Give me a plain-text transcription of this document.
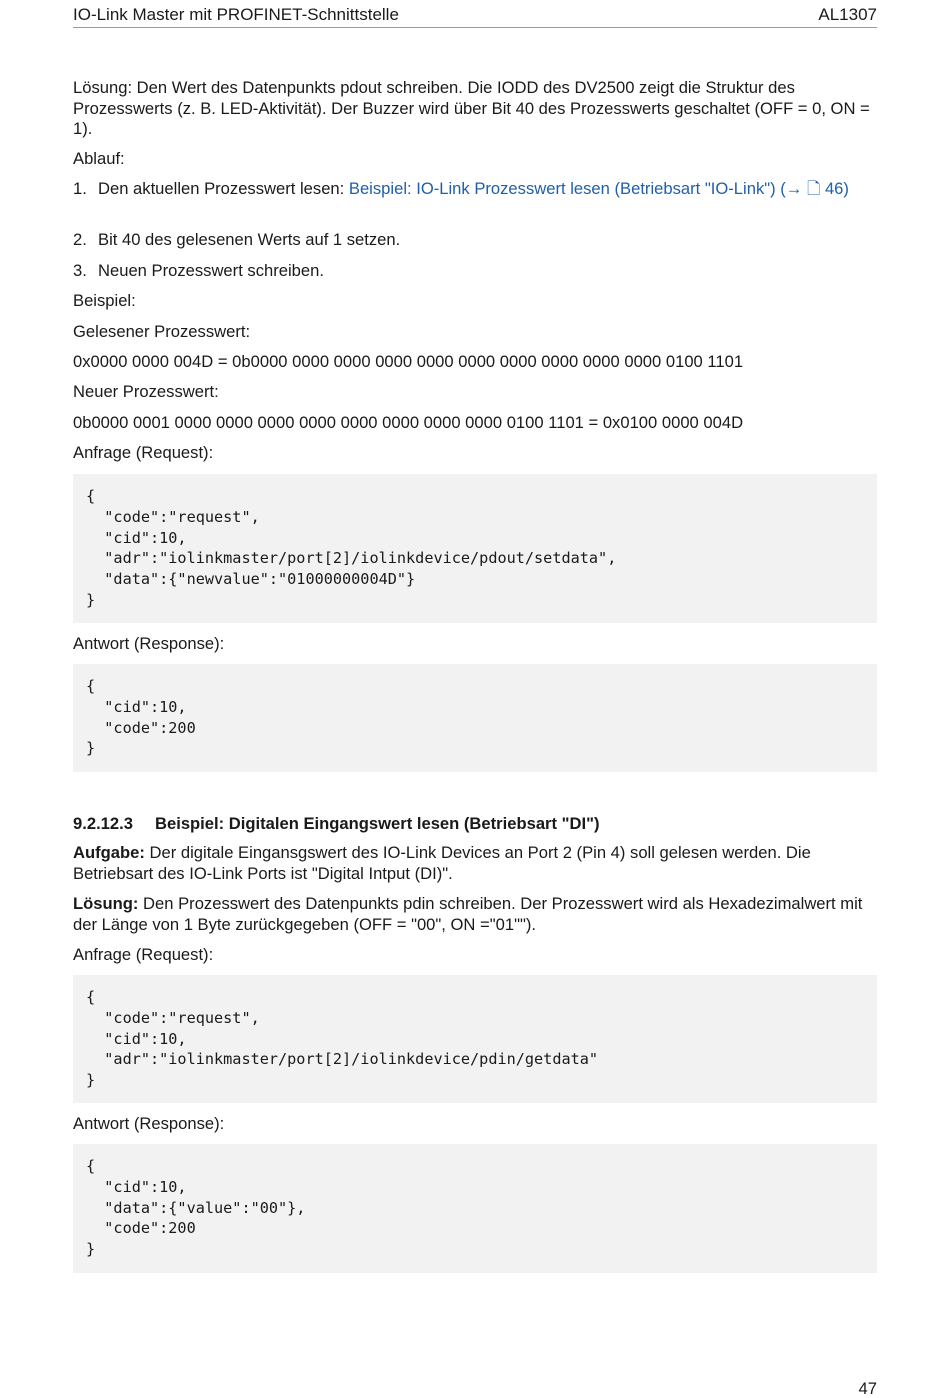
IO-Link Master mit PROFINET-Schnittstelle	AL1307

Lösung: Den Wert des Datenpunkts pdout schreiben. Die IODD des DV2500 zeigt die Struktur des Prozesswerts (z. B. LED-Aktivität). Der Buzzer wird über Bit 40 des Prozesswerts geschaltet (OFF = 0, ON = 1).

Ablauf:

1. Den aktuellen Prozesswert lesen: Beispiel: IO-Link Prozesswert lesen (Betriebsart "IO-Link") (→ 🗋 46)
2. Bit 40 des gelesenen Werts auf 1 setzen.
3. Neuen Prozesswert schreiben.

Beispiel:

Gelesener Prozesswert:

0x0000 0000 004D = 0b0000 0000 0000 0000 0000 0000 0000 0000 0000 0000 0100 1101

Neuer Prozesswert:

0b0000 0001 0000 0000 0000 0000 0000 0000 0000 0000 0100 1101 = 0x0100 0000 004D

Anfrage (Request):

{
"code":"request",
"cid":10,
"adr":"iolinkmaster/port[2]/iolinkdevice/pdout/setdata",
"data":{"newvalue":"01000000004D"}
}

Antwort (Response):

{
"cid":10,
"code":200
}
9.2.12.3 Beispiel: Digitalen Eingangswert lesen (Betriebsart "DI")

Aufgabe: Der digitale Eingansgswert des IO-Link Devices an Port 2 (Pin 4) soll gelesen werden. Die Betriebsart des IO-Link Ports ist "Digital Intput (DI)".

Lösung: Den Prozesswert des Datenpunkts pdin schreiben. Der Prozesswert wird als Hexadezimalwert mit der Länge von 1 Byte zurückgegeben (OFF = "00", ON ="01"").

Anfrage (Request):

{
"code":"request",
"cid":10,
"adr":"iolinkmaster/port[2]/iolinkdevice/pdin/getdata"
}

Antwort (Response):

{
"cid":10,
"data":{"value":"00"},
"code":200
}
47
